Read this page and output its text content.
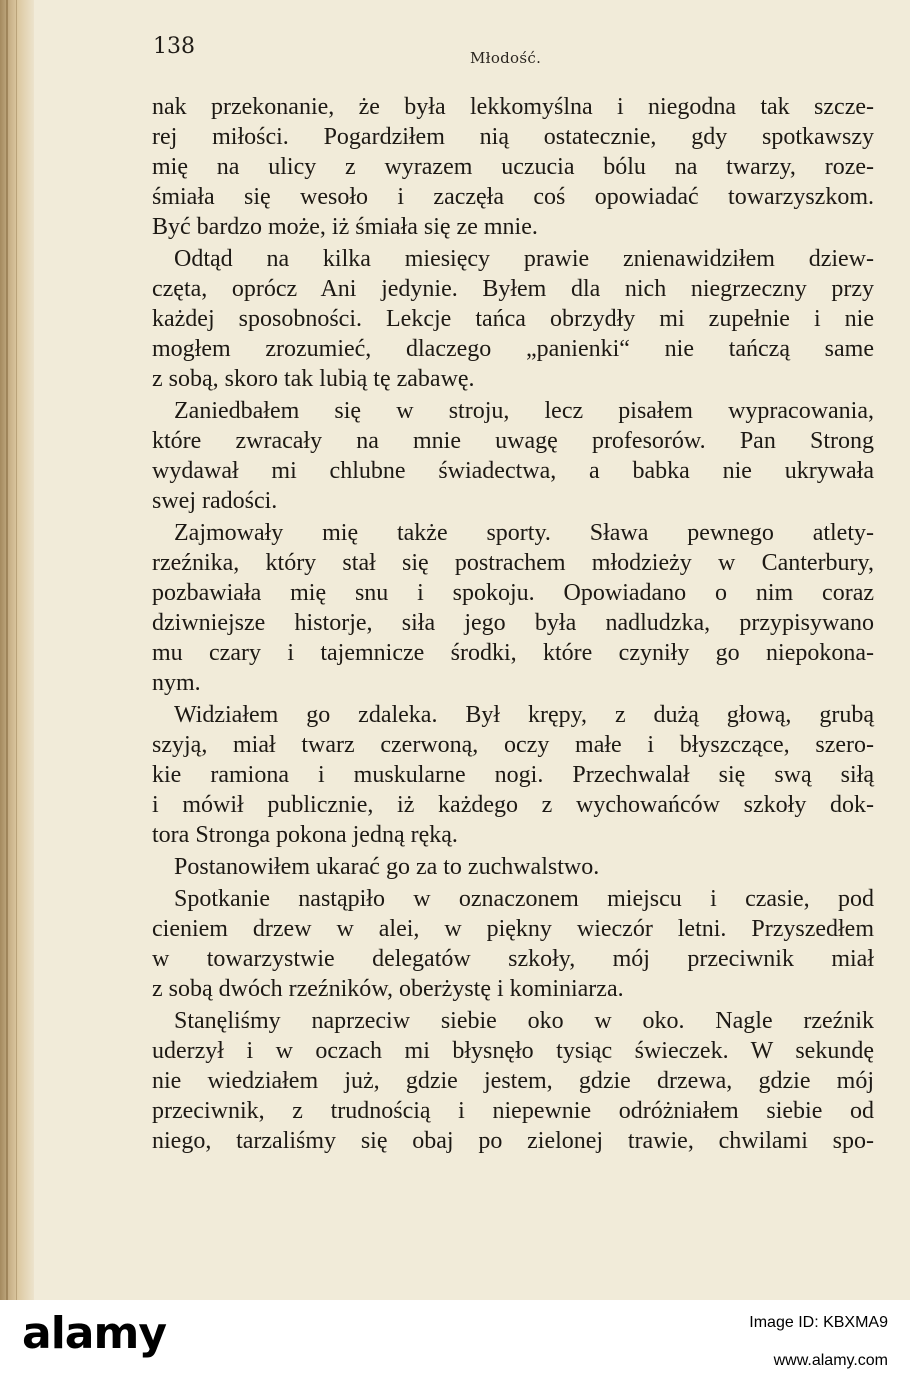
138	Młodość.
nak przekonanie, że była lekkomyślna i niegodna tak szcze-
rej miłości. Pogardziłem nią ostatecznie, gdy spotkawszy
mię na ulicy z wyrazem uczucia bólu na twarzy, roze-
śmiała się wesoło i zaczęła coś opowiadać towarzyszkom.
Być bardzo może, iż śmiała się ze mnie.
Odtąd na kilka miesięcy prawie znienawidziłem dziew-
częta, oprócz Ani jedynie. Byłem dla nich niegrzeczny przy
każdej sposobności. Lekcje tańca obrzydły mi zupełnie i nie
mogłem zrozumieć, dlaczego „panienki“ nie tańczą same
z sobą, skoro tak lubią tę zabawę.
Zaniedbałem się w stroju, lecz pisałem wypracowania,
które zwracały na mnie uwagę profesorów. Pan Strong
wydawał mi chlubne świadectwa, a babka nie ukrywała
swej radości.
Zajmowały mię także sporty. Sława pewnego atlety-
rzeźnika, który stał się postrachem młodzieży w Canterbury,
pozbawiała mię snu i spokoju. Opowiadano o nim coraz
dziwniejsze historje, siła jego była nadludzka, przypisywano
mu czary i tajemnicze środki, które czyniły go niepokona-
nym.
Widziałem go zdaleka. Był krępy, z dużą głową, grubą
szyją, miał twarz czerwoną, oczy małe i błyszczące, szero-
kie ramiona i muskularne nogi. Przechwalał się swą siłą
i mówił publicznie, iż każdego z wychowańców szkoły dok-
tora Stronga pokona jedną ręką.
Postanowiłem ukarać go za to zuchwalstwo.
Spotkanie nastąpiło w oznaczonem miejscu i czasie, pod
cieniem drzew w alei, w piękny wieczór letni. Przyszedłem
w towarzystwie delegatów szkoły, mój przeciwnik miał
z sobą dwóch rzeźników, oberżystę i kominiarza.
Stanęliśmy naprzeciw siebie oko w oko. Nagle rzeźnik
uderzył i w oczach mi błysnęło tysiąc świeczek. W sekundę
nie wiedziałem już, gdzie jestem, gdzie drzewa, gdzie mój
przeciwnik, z trudnością i niepewnie odróżniałem siebie od
niego, tarzaliśmy się obaj po zielonej trawie, chwilami spo-
alamy	Image ID: KBXMA9
www.alamy.com
